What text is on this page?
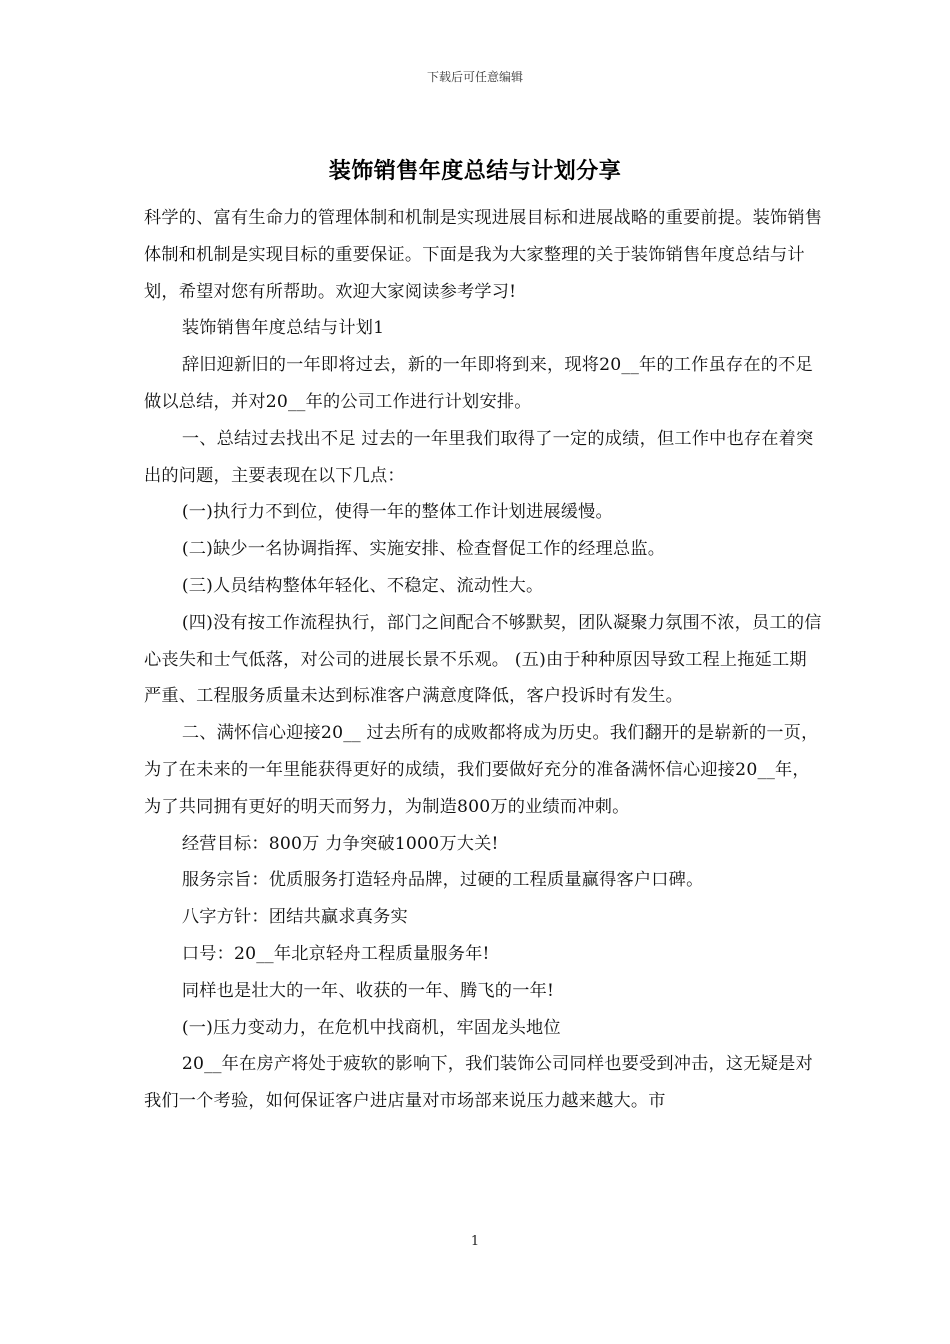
下载后可任意编辑
装饰销售年度总结与计划分享

科学的、富有生命力的管理体制和机制是实现进展目标和进展战略的重要前提。装饰销售体制和机制是实现目标的重要保证。下面是我为大家整理的关于装饰销售年度总结与计划，希望对您有所帮助。欢迎大家阅读参考学习!

装饰销售年度总结与计划1

辞旧迎新旧的一年即将过去，新的一年即将到来，现将20__年的工作虽存在的不足做以总结，并对20__年的公司工作进行计划安排。

一、总结过去找出不足 过去的一年里我们取得了一定的成绩，但工作中也存在着突出的问题，主要表现在以下几点：

(一)执行力不到位，使得一年的整体工作计划进展缓慢。

(二)缺少一名协调指挥、实施安排、检查督促工作的经理总监。

(三)人员结构整体年轻化、不稳定、流动性大。

(四)没有按工作流程执行，部门之间配合不够默契，团队凝聚力氛围不浓，员工的信心丧失和士气低落，对公司的进展长景不乐观。 (五)由于种种原因导致工程上拖延工期严重、工程服务质量未达到标准客户满意度降低，客户投诉时有发生。

二、满怀信心迎接20__ 过去所有的成败都将成为历史。我们翻开的是崭新的一页，为了在未来的一年里能获得更好的成绩，我们要做好充分的准备满怀信心迎接20__年，为了共同拥有更好的明天而努力，为制造800万的业绩而冲刺。

经营目标：800万 力争突破1000万大关!

服务宗旨：优质服务打造轻舟品牌，过硬的工程质量赢得客户口碑。

八字方针：团结共赢求真务实

口号：20__年北京轻舟工程质量服务年!

同样也是壮大的一年、收获的一年、腾飞的一年!

(一)压力变动力，在危机中找商机，牢固龙头地位

20__年在房产将处于疲软的影响下，我们装饰公司同样也要受到冲击，这无疑是对我们一个考验，如何保证客户进店量对市场部来说压力越来越大。市

1
